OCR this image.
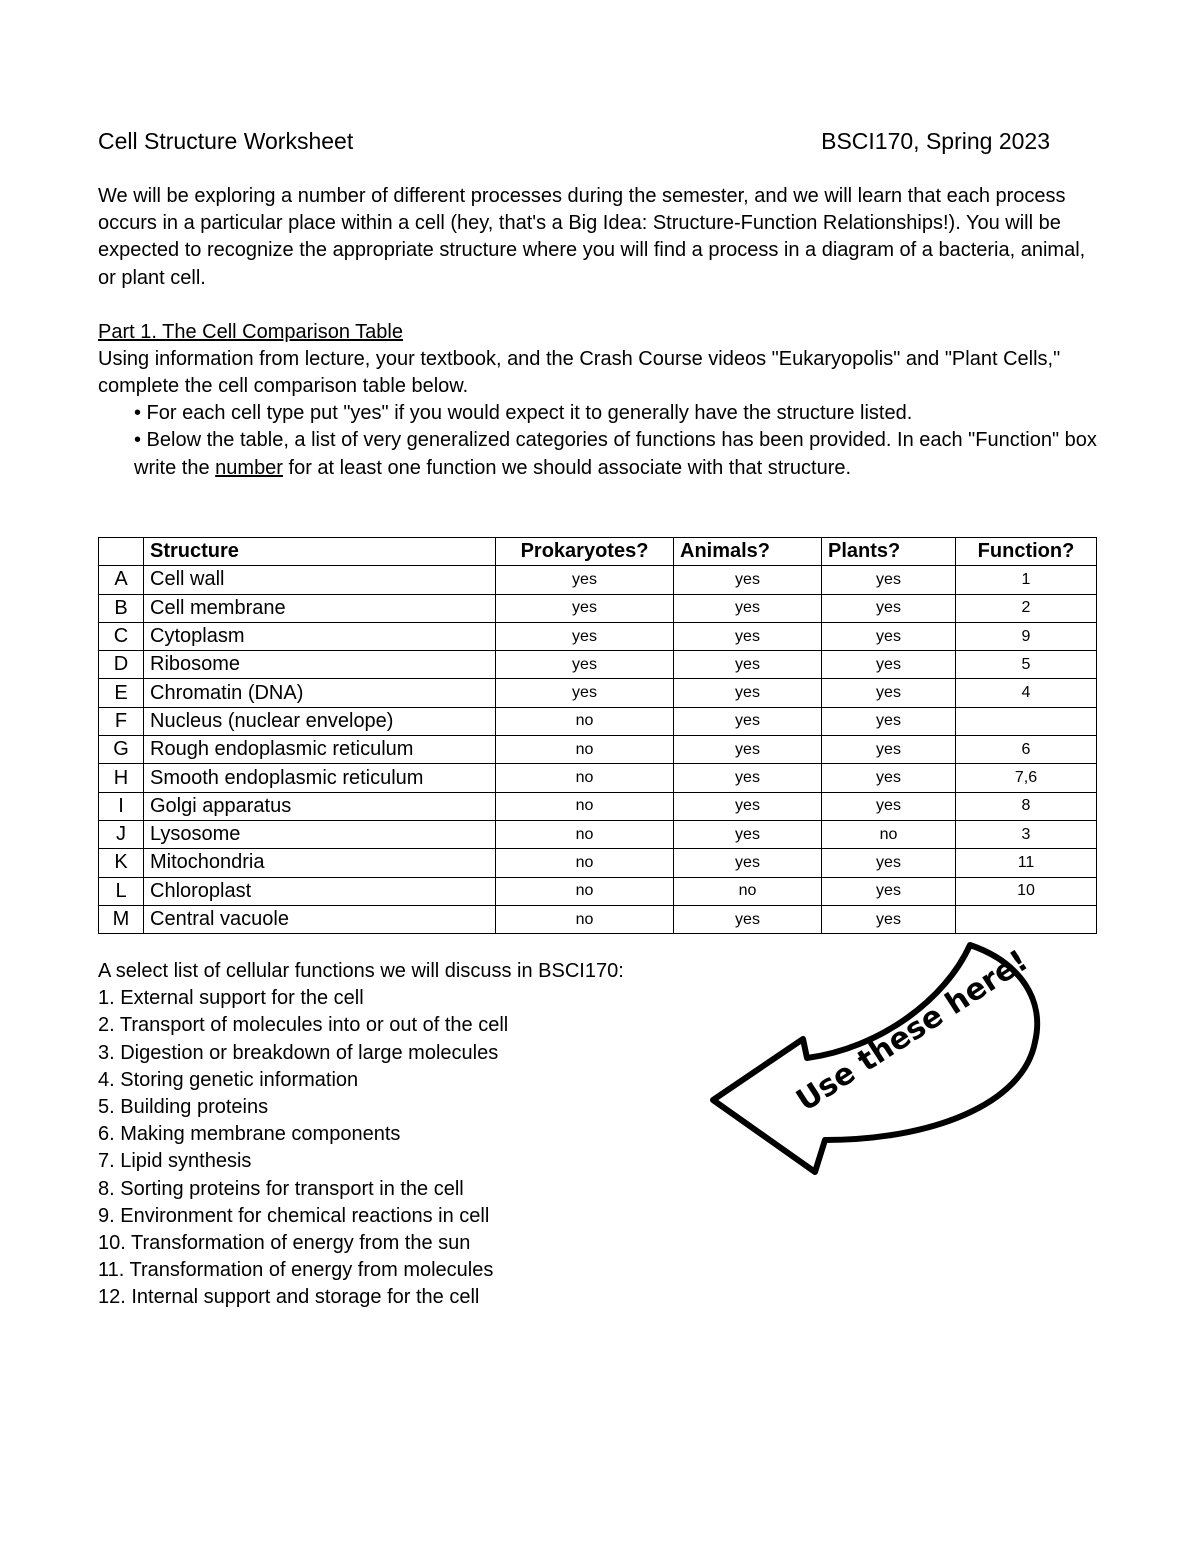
Cell Structure Worksheet	BSCI170, Spring 2023
We will be exploring a number of different processes during the semester, and we will learn that each process occurs in a particular place within a cell (hey, that's a Big Idea: Structure-Function Relationships!). You will be expected to recognize the appropriate structure where you will find a process in a diagram of a bacteria, animal, or plant cell.
Part 1. The Cell Comparison Table
Using information from lecture, your textbook, and the Crash Course videos "Eukaryopolis" and "Plant Cells," complete the cell comparison table below.
• For each cell type put "yes" if you would expect it to generally have the structure listed.
• Below the table, a list of very generalized categories of functions has been provided. In each "Function" box write the number for at least one function we should associate with that structure.
	Structure	Prokaryotes?	Animals?	Plants?	Function?
A	Cell wall	yes	yes	yes	1
B	Cell membrane	yes	yes	yes	2
C	Cytoplasm	yes	yes	yes	9
D	Ribosome	yes	yes	yes	5
E	Chromatin (DNA)	yes	yes	yes	4
F	Nucleus (nuclear envelope)	no	yes	yes	
G	Rough endoplasmic reticulum	no	yes	yes	6
H	Smooth endoplasmic reticulum	no	yes	yes	7,6
I	Golgi apparatus	no	yes	yes	8
J	Lysosome	no	yes	no	3
K	Mitochondria	no	yes	yes	11
L	Chloroplast	no	no	yes	10
M	Central vacuole	no	yes	yes	
A select list of cellular functions we will discuss in BSCI170:
1. External support for the cell
2. Transport of molecules into or out of the cell
3. Digestion or breakdown of large molecules
4. Storing genetic information
5. Building proteins
6. Making membrane components
7. Lipid synthesis
8. Sorting proteins for transport in the cell
9. Environment for chemical reactions in cell
10. Transformation of energy from the sun
11. Transformation of energy from molecules
12. Internal support and storage for the cell
Use these here!
